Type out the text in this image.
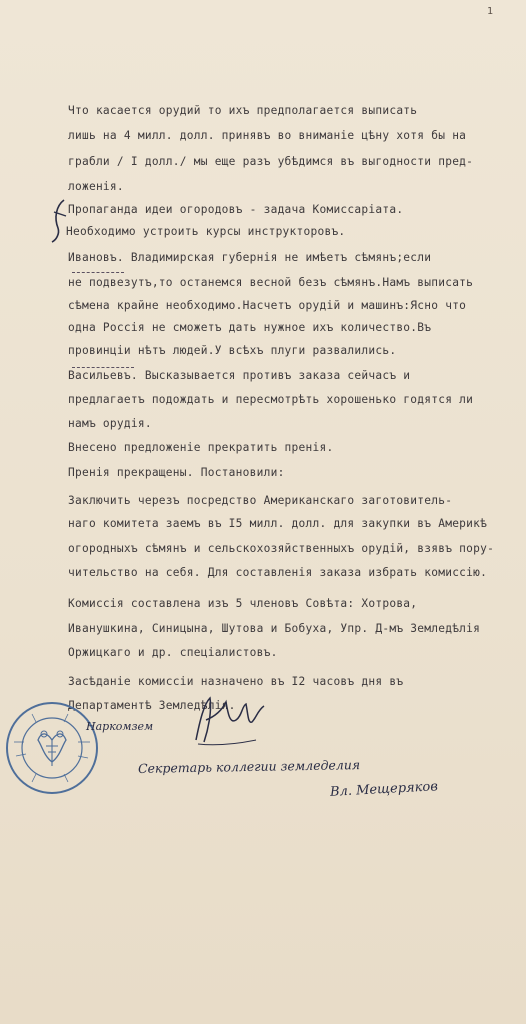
1
Что касается орудий то ихъ предполагается выписать
лишь на 4 милл. долл. принявъ во вниманiе цѣну хотя бы на
грабли / I долл./ мы еще разъ убѣдимся въ выгодности пред-
ложенiя.
Пропаганда идеи огородовъ - задача Комиссарiата.
Необходимо устроить курсы инструкторовъ.
Ивановъ. Владимирская губернiя не имѣетъ сѣмянъ;если
не подвезутъ,то останемся весной безъ сѣмянъ.Намъ выписать
сѣмена крайне необходимо.Насчетъ орудiй и машинъ:Ясно что
одна Россiя не сможетъ дать нужное ихъ количество.Въ
провинцiи нѣтъ людей.У всѣхъ плуги развалились.
Васильевъ. Высказывается противъ заказа сейчасъ и
предлагаетъ подождать и пересмотрѣть хорошенько годятся ли
намъ орудiя.
Внесено предложенiе прекратить пренiя.
Пренiя прекращены. Постановили:
Заключить черезъ посредство Американскаго заготовитель-
наго комитета заемъ въ I5 милл. долл. для закупки въ Америкѣ
огородныхъ сѣмянъ и сельскохозяйственныхъ орудiй, взявъ пору-
чительство на себя. Для составленiя заказа избрать комиссiю.
Комиссiя составлена изъ 5 членовъ Совѣта: Хотрова,
Иванушкина, Синицына, Шутова и Бобуха, Упр. Д-мъ Земледѣлiя
Оржицкаго и др. спецiалистовъ.
Засѣданiе комиссiи назначено въ I2 часовъ дня въ
Департаментѣ Земледѣлiя.
Наркомзем
Секретарь коллегии земледелия
Вл. Мещеряков
